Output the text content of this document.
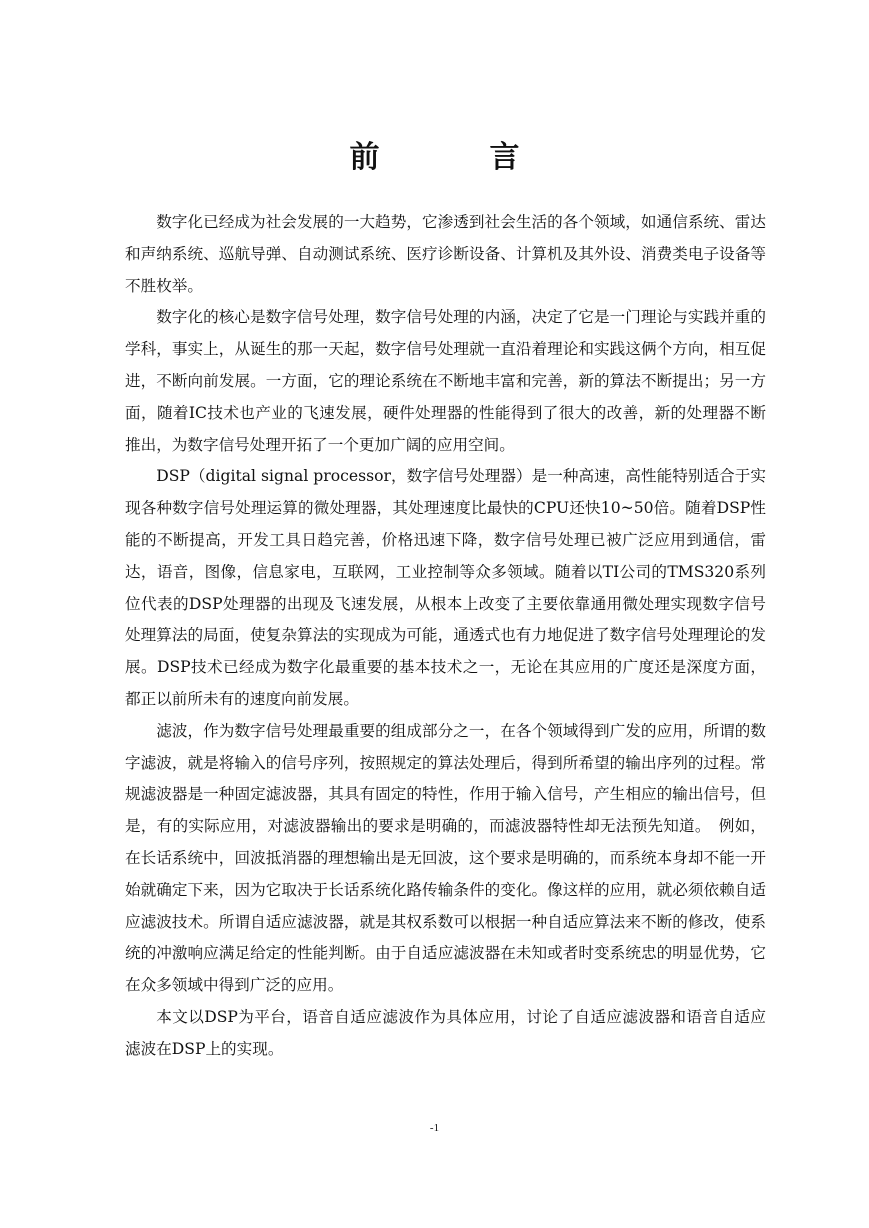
前　言

数字化已经成为社会发展的一大趋势，它渗透到社会生活的各个领域，如通信系统、雷达和声纳系统、巡航导弹、自动测试系统、医疗诊断设备、计算机及其外设、消费类电子设备等不胜枚举。

数字化的核心是数字信号处理，数字信号处理的内涵，决定了它是一门理论与实践并重的学科，事实上，从诞生的那一天起，数字信号处理就一直沿着理论和实践这俩个方向，相互促进，不断向前发展。一方面，它的理论系统在不断地丰富和完善，新的算法不断提出；另一方面，随着IC技术也产业的飞速发展，硬件处理器的性能得到了很大的改善，新的处理器不断推出，为数字信号处理开拓了一个更加广阔的应用空间。

DSP（digital signal processor，数字信号处理器）是一种高速，高性能特别适合于实现各种数字信号处理运算的微处理器，其处理速度比最快的CPU还快10~50倍。随着DSP性能的不断提高，开发工具日趋完善，价格迅速下降，数字信号处理已被广泛应用到通信，雷达，语音，图像，信息家电，互联网，工业控制等众多领域。随着以TI公司的TMS320系列位代表的DSP处理器的出现及飞速发展，从根本上改变了主要依靠通用微处理实现数字信号处理算法的局面，使复杂算法的实现成为可能，通透式也有力地促进了数字信号处理理论的发展。DSP技术已经成为数字化最重要的基本技术之一，无论在其应用的广度还是深度方面，都正以前所未有的速度向前发展。

滤波，作为数字信号处理最重要的组成部分之一，在各个领域得到广发的应用，所谓的数字滤波，就是将输入的信号序列，按照规定的算法处理后，得到所希望的输出序列的过程。常规滤波器是一种固定滤波器，其具有固定的特性，作用于输入信号，产生相应的输出信号，但是，有的实际应用，对滤波器输出的要求是明确的，而滤波器特性却无法预先知道。　例如，在长话系统中，回波抵消器的理想输出是无回波，这个要求是明确的，而系统本身却不能一开始就确定下来，因为它取决于长话系统化路传输条件的变化。像这样的应用，就必须依赖自适应滤波技术。所谓自适应滤波器，就是其权系数可以根据一种自适应算法来不断的修改，使系统的冲激响应满足给定的性能判断。由于自适应滤波器在未知或者时变系统忠的明显优势，它在众多领域中得到广泛的应用。

本文以DSP为平台，语音自适应滤波作为具体应用，讨论了自适应滤波器和语音自适应滤波在DSP上的实现。

-1
